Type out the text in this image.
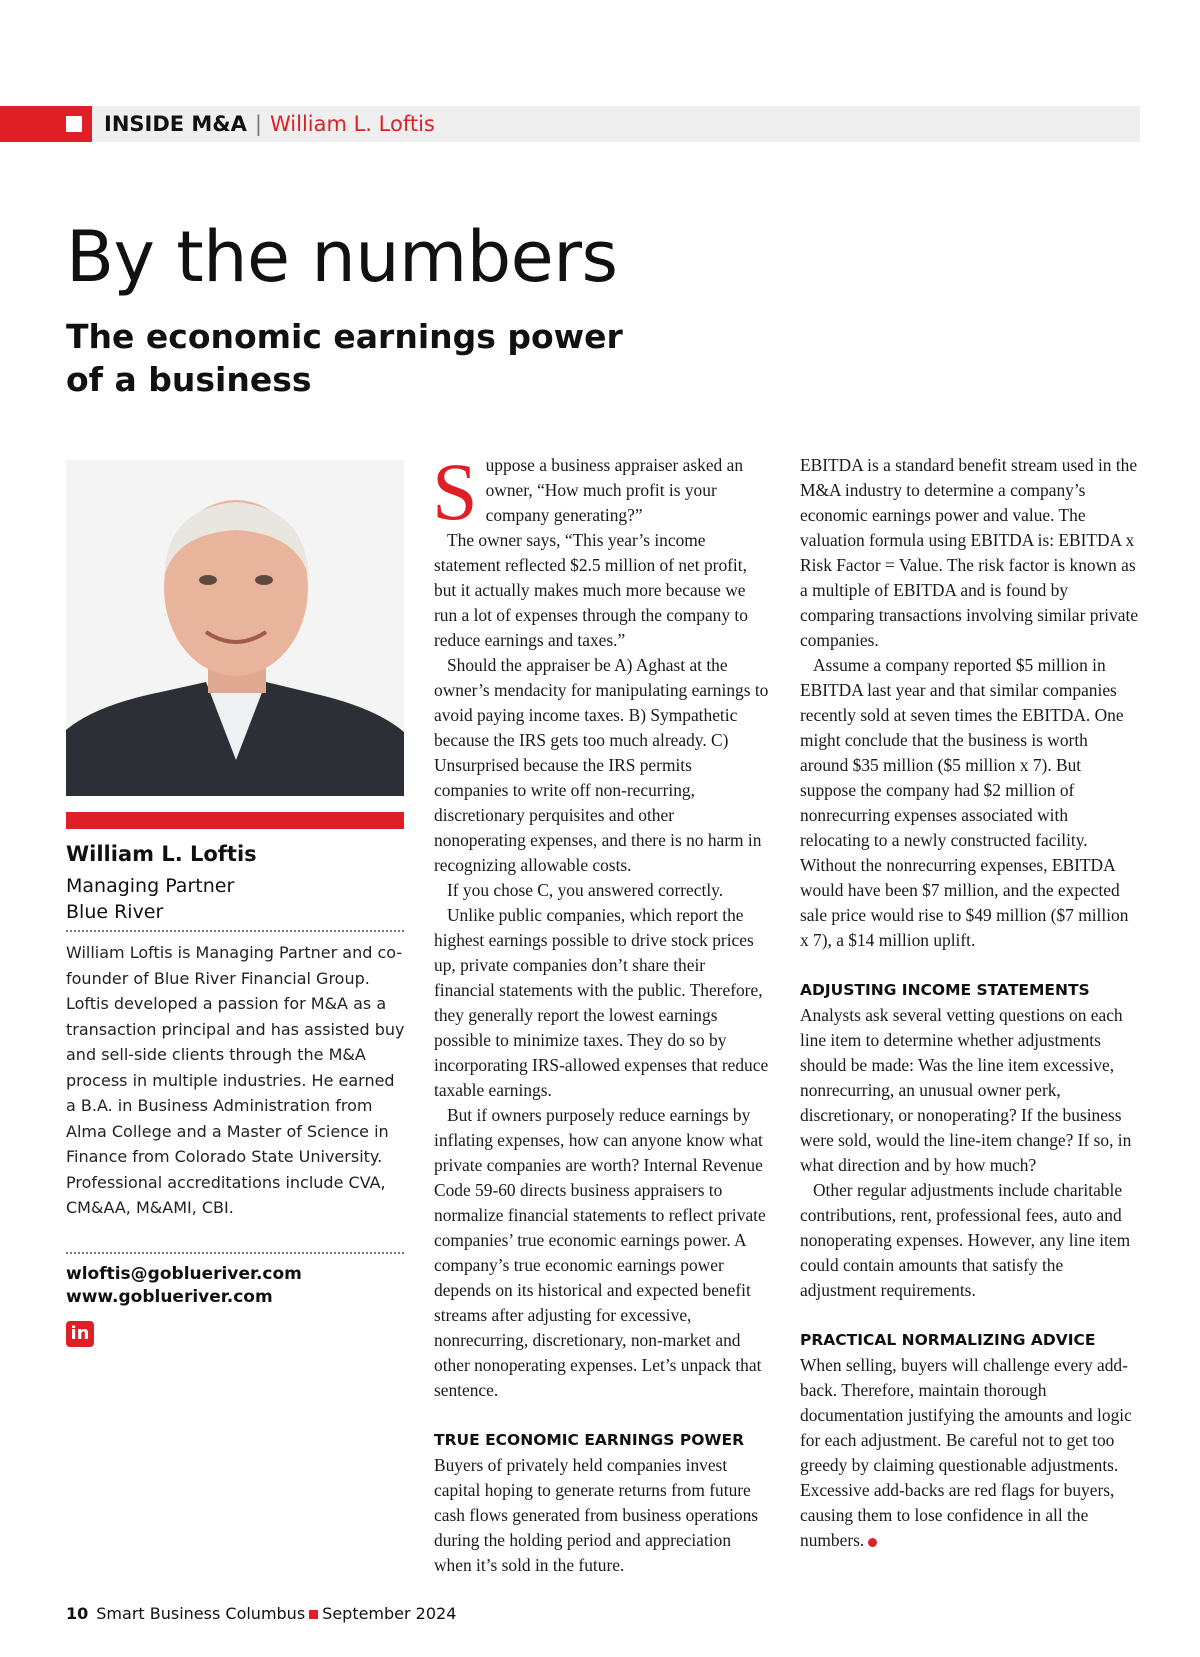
INSIDE M&A | William L. Loftis
By the numbers
The economic earnings power of a business
William L. Loftis
Managing Partner
Blue River

William Loftis is Managing Partner and co-founder of Blue River Financial Group. Loftis developed a passion for M&A as a transaction principal and has assisted buy and sell-side clients through the M&A process in multiple industries. He earned a B.A. in Business Administration from Alma College and a Master of Science in Finance from Colorado State University. Professional accreditations include CVA, CM&AA, M&AMI, CBI.

wloftis@goblueriver.com
www.goblueriver.com
in

Suppose a business appraiser asked an owner, “How much profit is your company generating?”

The owner says, “This year’s income statement reflected $2.5 million of net profit, but it actually makes much more because we run a lot of expenses through the company to reduce earnings and taxes.”

Should the appraiser be A) Aghast at the owner’s mendacity for manipulating earnings to avoid paying income taxes. B) Sympathetic because the IRS gets too much already. C) Unsurprised because the IRS permits companies to write off non-recurring, discretionary perquisites and other nonoperating expenses, and there is no harm in recognizing allowable costs.

If you chose C, you answered correctly.

Unlike public companies, which report the highest earnings possible to drive stock prices up, private companies don’t share their financial statements with the public. Therefore, they generally report the lowest earnings possible to minimize taxes. They do so by incorporating IRS-allowed expenses that reduce taxable earnings.

But if owners purposely reduce earnings by inflating expenses, how can anyone know what private companies are worth? Internal Revenue Code 59-60 directs business appraisers to normalize financial statements to reflect private companies’ true economic earnings power. A company’s true economic earnings power depends on its historical and expected benefit streams after adjusting for excessive, nonrecurring, discretionary, non-market and other nonoperating expenses. Let’s unpack that sentence.

TRUE ECONOMIC EARNINGS POWER

Buyers of privately held companies invest capital hoping to generate returns from future cash flows generated from business operations during the holding period and appreciation when it’s sold in the future.

EBITDA is a standard benefit stream used in the M&A industry to determine a company’s economic earnings power and value. The valuation formula using EBITDA is: EBITDA x Risk Factor = Value. The risk factor is known as a multiple of EBITDA and is found by comparing transactions involving similar private companies.

Assume a company reported $5 million in EBITDA last year and that similar companies recently sold at seven times the EBITDA. One might conclude that the business is worth around $35 million ($5 million x 7). But suppose the company had $2 million of nonrecurring expenses associated with relocating to a newly constructed facility. Without the nonrecurring expenses, EBITDA would have been $7 million, and the expected sale price would rise to $49 million ($7 million x 7), a $14 million uplift.

ADJUSTING INCOME STATEMENTS

Analysts ask several vetting questions on each line item to determine whether adjustments should be made: Was the line item excessive, nonrecurring, an unusual owner perk, discretionary, or nonoperating? If the business were sold, would the line-item change? If so, in what direction and by how much?

Other regular adjustments include charitable contributions, rent, professional fees, auto and nonoperating expenses. However, any line item could contain amounts that satisfy the adjustment requirements.

PRACTICAL NORMALIZING ADVICE

When selling, buyers will challenge every add-back. Therefore, maintain thorough documentation justifying the amounts and logic for each adjustment. Be careful not to get too greedy by claiming questionable adjustments. Excessive add-backs are red flags for buyers, causing them to lose confidence in all the numbers.

10 Smart Business Columbus September 2024
